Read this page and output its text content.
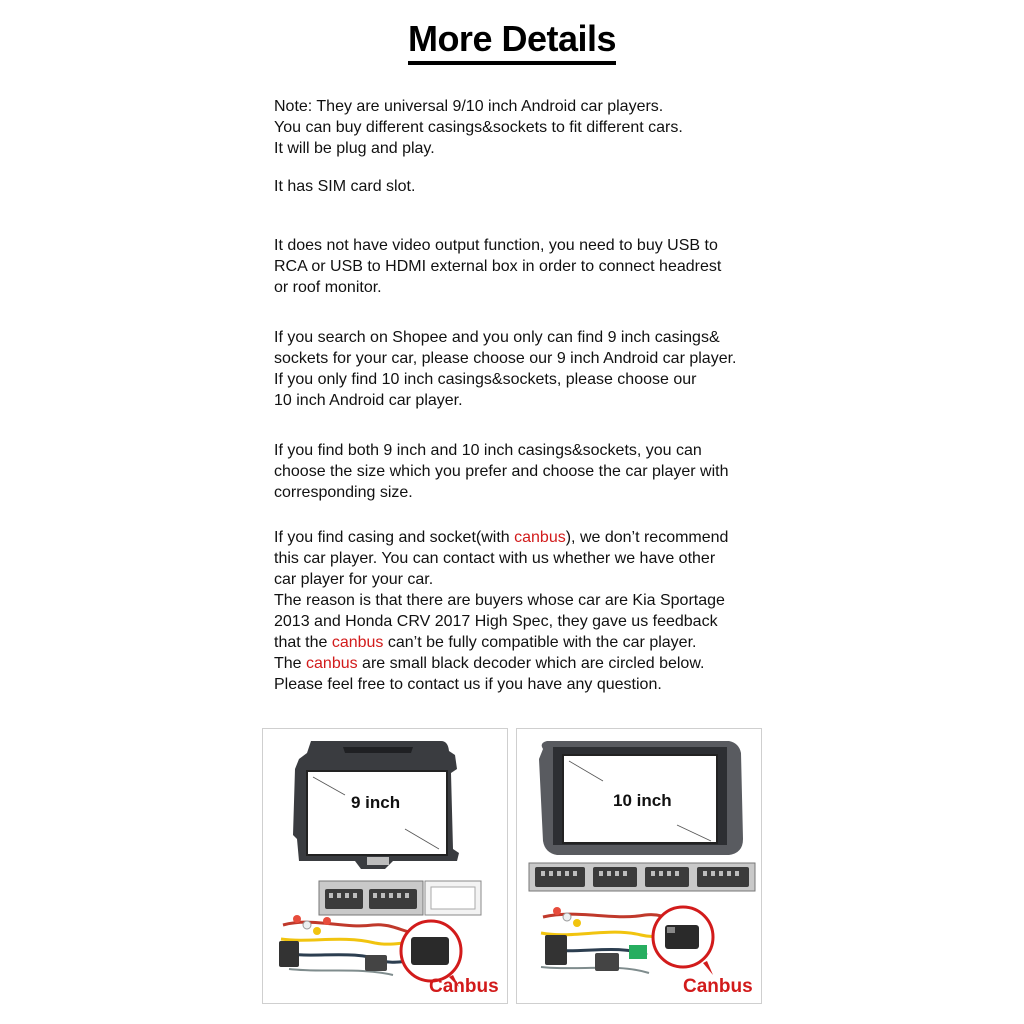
More Details

Note: They are universal 9/10 inch Android car players.
You can buy different casings&sockets to fit different cars.
It will be plug and play.

It has SIM card slot.

It does not have video output function, you need to buy USB to
RCA or USB to HDMI external box in order to connect headrest
or roof monitor.

If you search on Shopee and you only can find 9 inch casings&
sockets for your car, please choose our 9 inch Android car player.
If you only find 10 inch casings&sockets, please choose our
10 inch Android car player.

If you find both 9 inch and 10 inch casings&sockets, you can
choose the size which you prefer and choose the car player with
corresponding size.

If you find casing and socket(with canbus), we don’t recommend
this car player. You can contact with us whether we have other
car player for your car.
The reason is that there are buyers whose car are Kia Sportage
2013 and Honda CRV 2017 High Spec, they gave us feedback
that the canbus can’t be fully compatible with the car player.
The canbus are small black decoder which are circled below.
Please feel free to contact us if you have any question.

9 inch
Canbus
10 inch
Canbus
